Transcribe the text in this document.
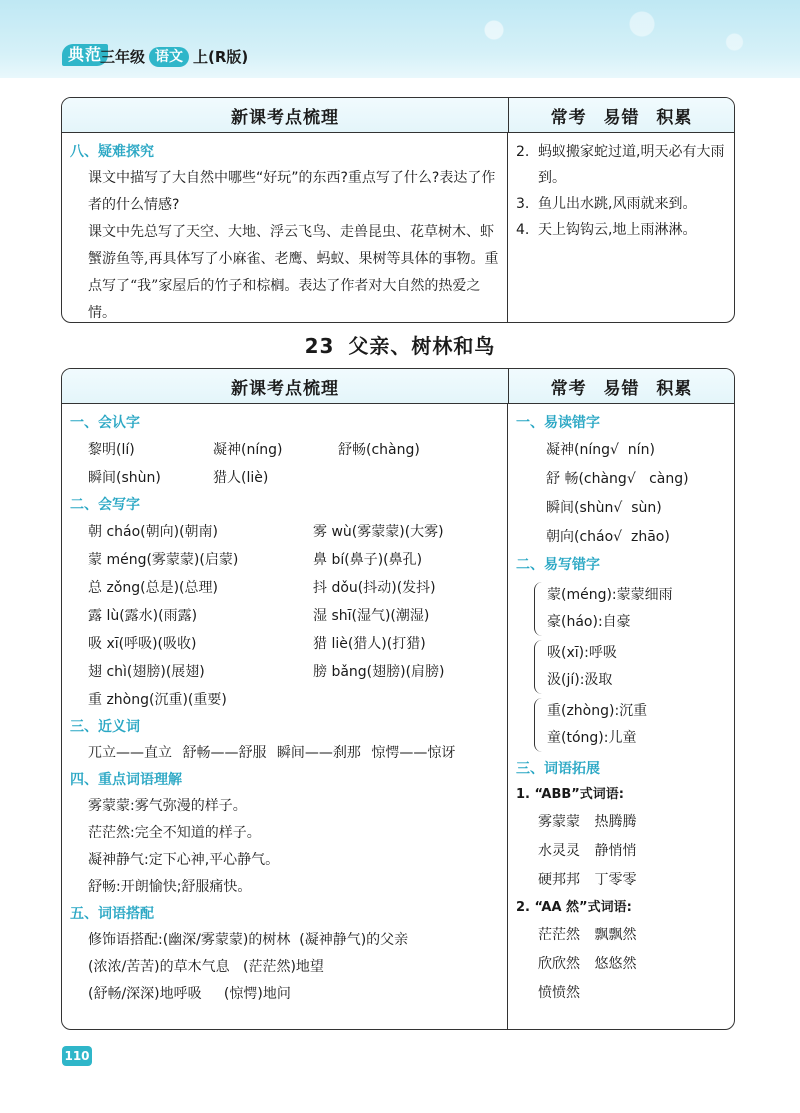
典范
三年级 语文 上(R版)
新课考点梳理	常考 易错 积累
八、疑难探究
课文中描写了大自然中哪些“好玩”的东西?重点写了什么?表达了作者的什么情感?
课文中先总写了天空、大地、浮云飞鸟、走兽昆虫、花草树木、虾蟹游鱼等,再具体写了小麻雀、老鹰、蚂蚁、果树等具体的事物。重点写了“我”家屋后的竹子和棕榈。表达了作者对大自然的热爱之情。
2. 蚂蚁搬家蛇过道,明天必有大雨到。
3. 鱼儿出水跳,风雨就来到。
4. 天上钩钩云,地上雨淋淋。
23 父亲、树林和鸟
新课考点梳理	常考 易错 积累
一、会认字
黎明(lí)	凝神(níng)	舒畅(chàng)
瞬间(shùn)	猎人(liè)
二、会写字
朝 cháo(朝向)(朝南)	雾 wù(雾蒙蒙)(大雾)
蒙 méng(雾蒙蒙)(启蒙)	鼻 bí(鼻子)(鼻孔)
总 zǒng(总是)(总理)	抖 dǒu(抖动)(发抖)
露 lù(露水)(雨露)	湿 shī(湿气)(潮湿)
吸 xī(呼吸)(吸收)	猎 liè(猎人)(打猎)
翅 chì(翅膀)(展翅)	膀 bǎng(翅膀)(肩膀)
重 zhòng(沉重)(重要)
三、近义词
兀立——直立 舒畅——舒服 瞬间——刹那 惊愕——惊讶
四、重点词语理解
雾蒙蒙:雾气弥漫的样子。
茫茫然:完全不知道的样子。
凝神静气:定下心神,平心静气。
舒畅:开朗愉快;舒服痛快。
五、词语搭配
修饰语搭配:(幽深/雾蒙蒙)的树林  (凝神静气)的父亲
(浓浓/苦苦)的草木气息   (茫茫然)地望
(舒畅/深深)地呼吸     (惊愕)地问
一、易读错字
凝神(níng√  nín)
舒 畅(chàng√   càng)
瞬间(shùn√  sùn)
朝向(cháo√  zhāo)
二、易写错字
蒙(méng):蒙蒙细雨
豪(háo):自豪
吸(xī):呼吸
汲(jí):汲取
重(zhòng):沉重
童(tóng):儿童
三、词语拓展
1. “ABB”式词语:
雾蒙蒙 热腾腾
水灵灵 静悄悄
硬邦邦 丁零零
2. “AA 然”式词语:
茫茫然 飘飘然
欣欣然 悠悠然
愤愤然
110
